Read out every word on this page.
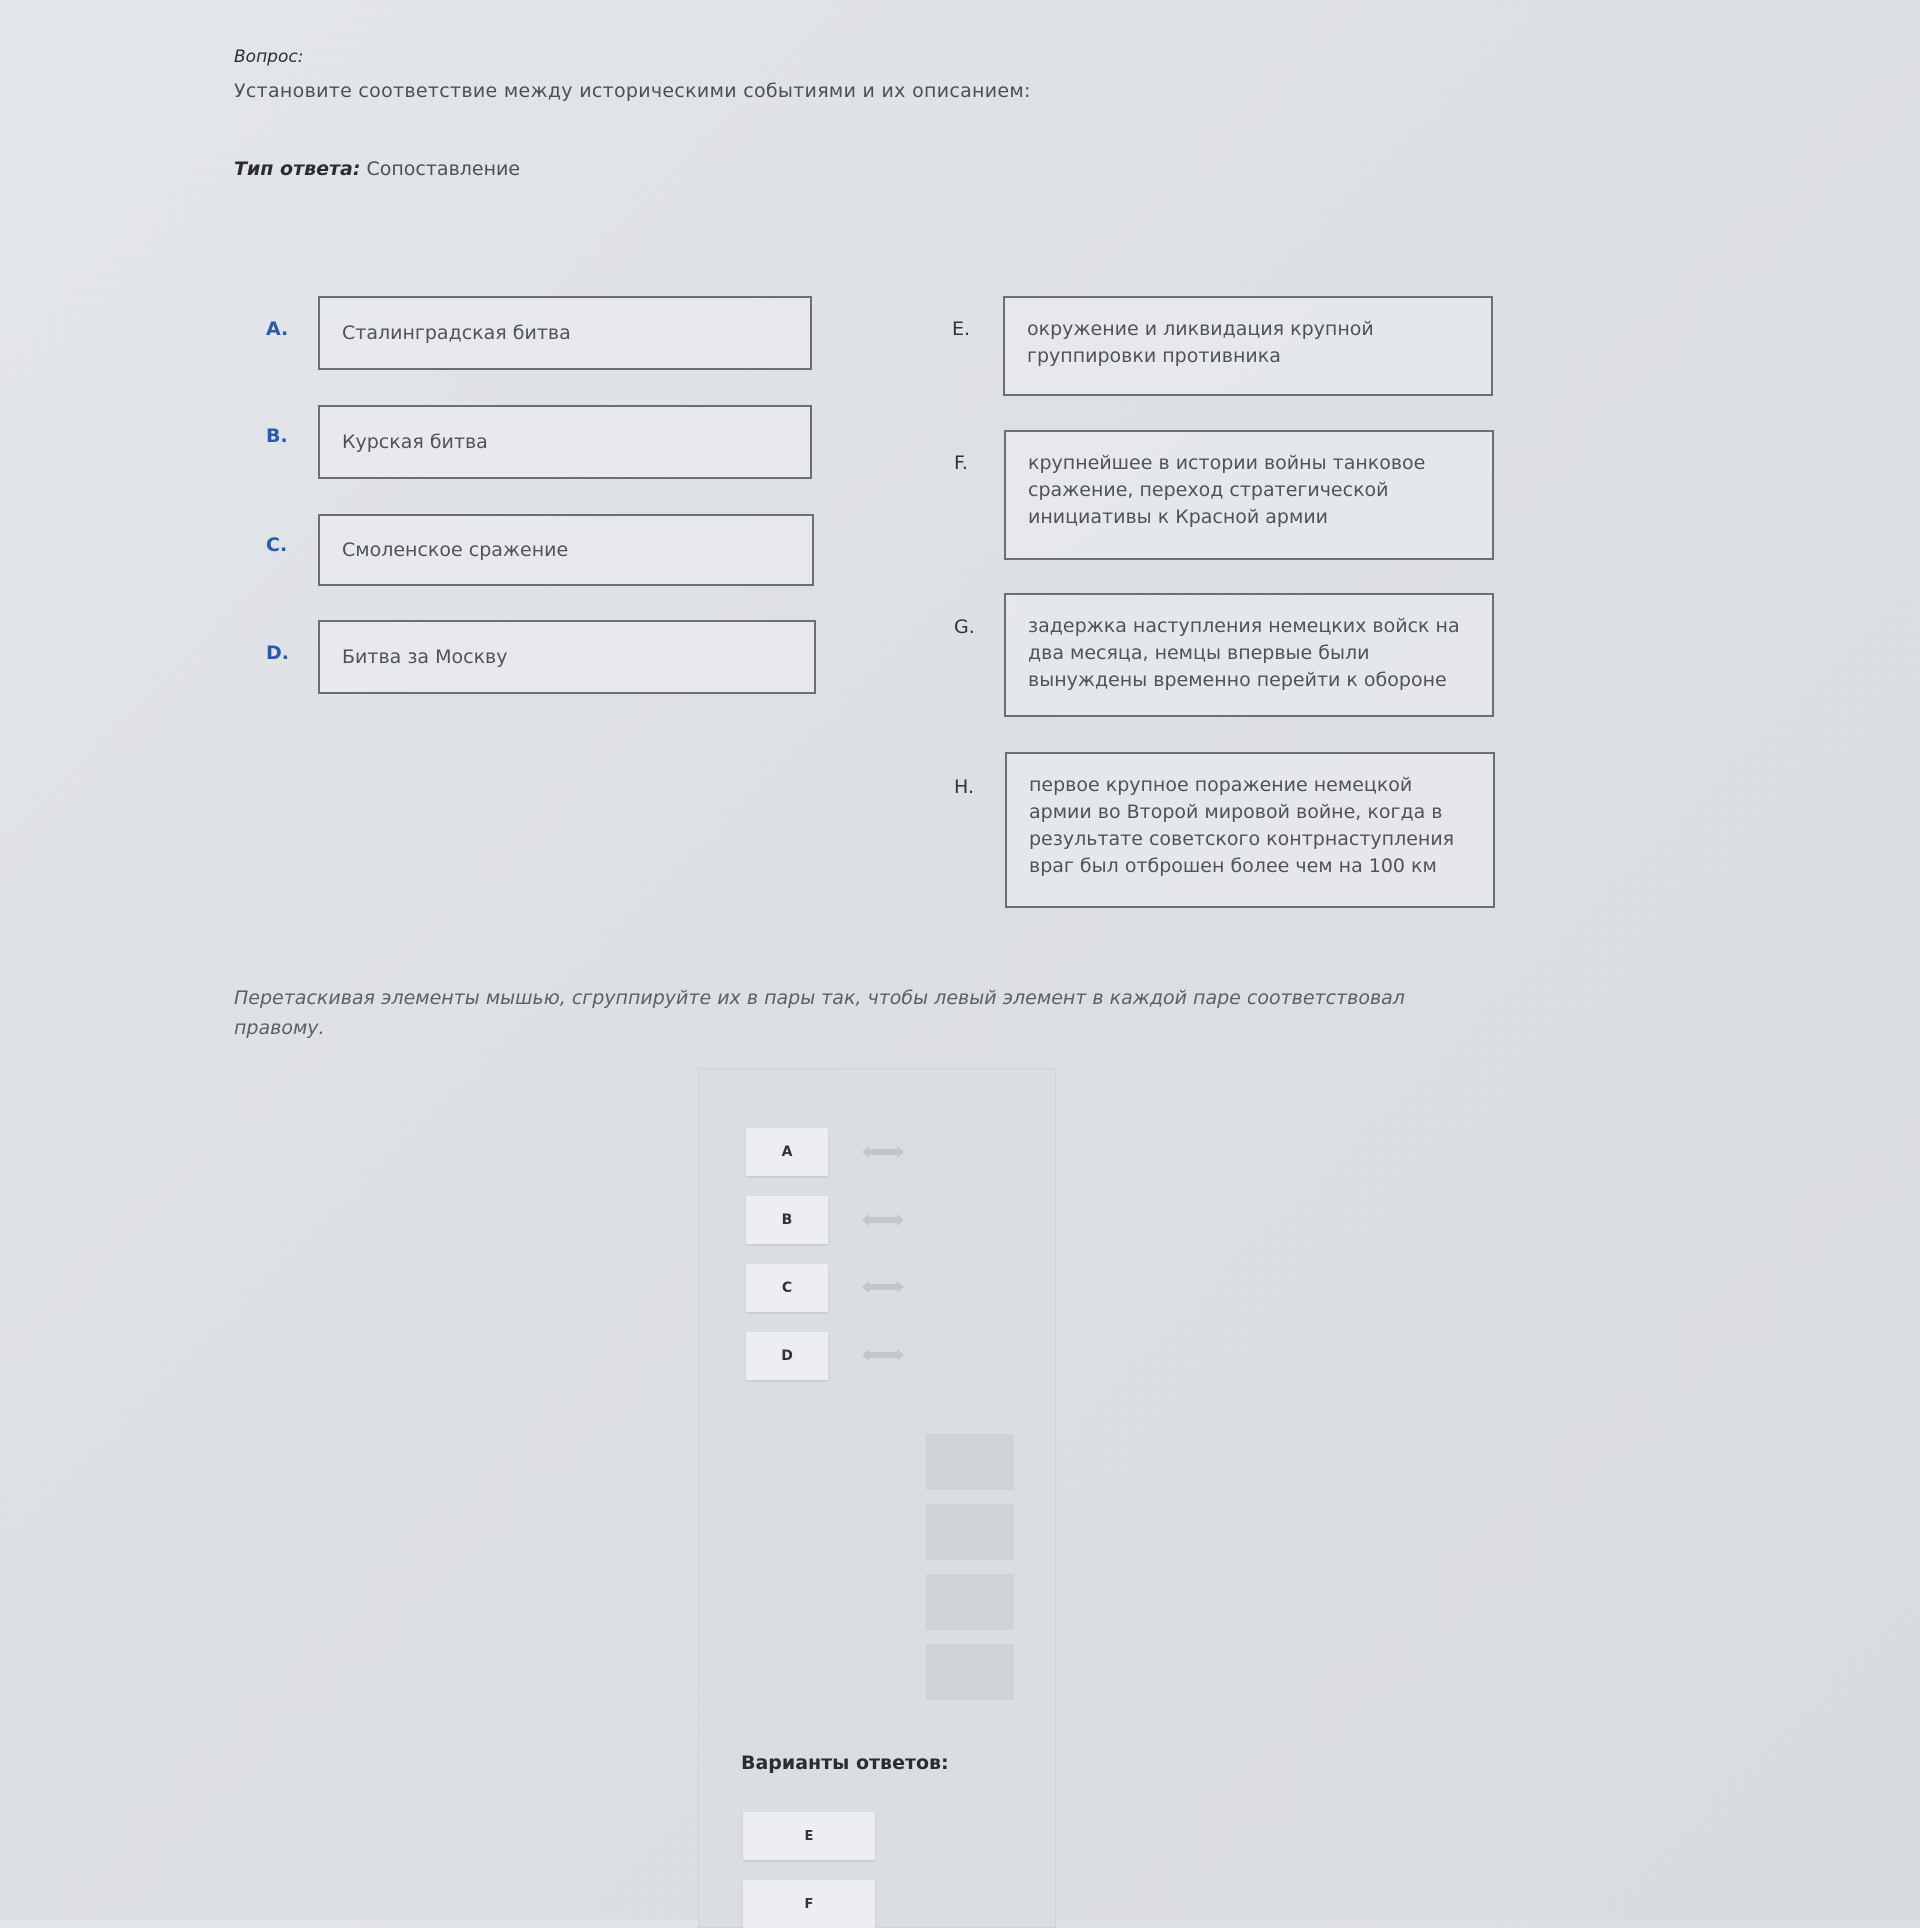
Вопрос:
Установите соответствие между историческими событиями и их описанием:
Тип ответа: Сопоставление
A.	Сталинградская битва
B.	Курская битва
C.	Смоленское сражение
D.	Битва за Москву
E.	окружение и ликвидация крупной группировки противника
F.	крупнейшее в истории войны танковое сражение, переход стратегической инициативы к Красной армии
G.	задержка наступления немецких войск на два месяца, немцы впервые были вынуждены временно перейти к обороне
H.	первое крупное поражение немецкой армии во Второй мировой войне, когда в результате советского контрнаступления враг был отброшен более чем на 100 км
Перетаскивая элементы мышью, сгруппируйте их в пары так, чтобы левый элемент в каждой паре соответствовал правому.
A
B
C
D
Варианты ответов:
E
F
